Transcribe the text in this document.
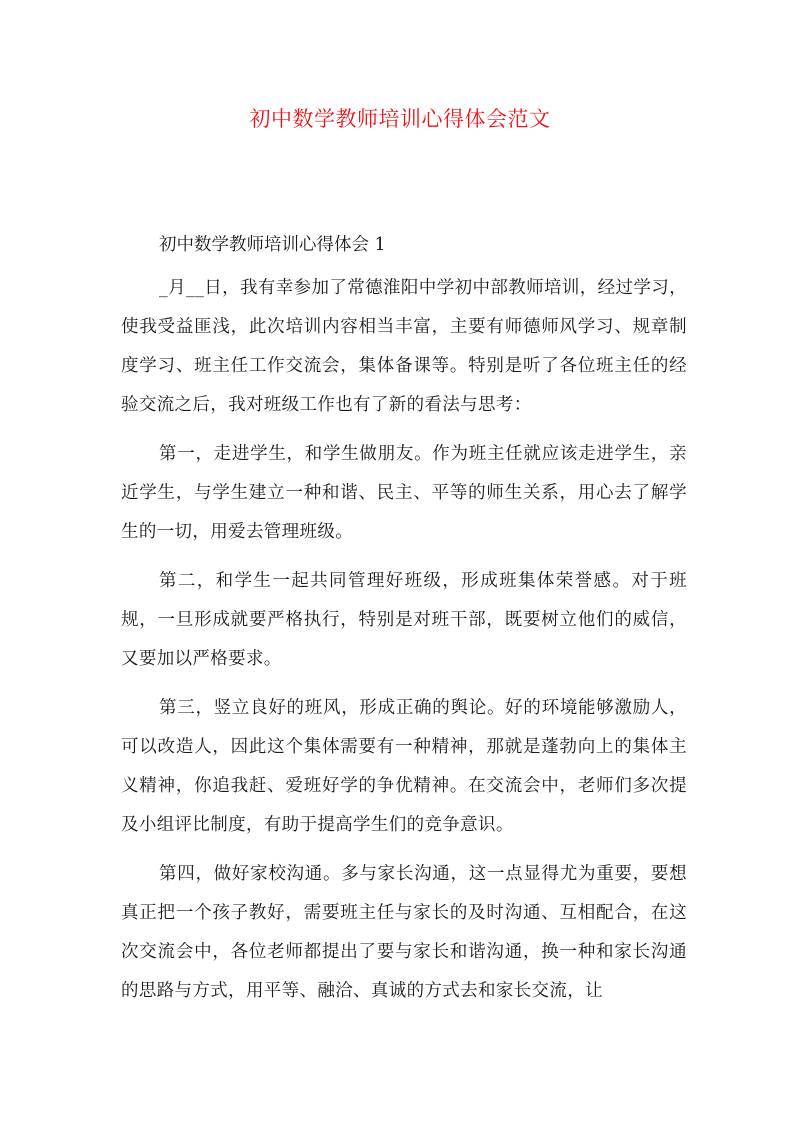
初中数学教师培训心得体会范文

初中数学教师培训心得体会 1

_月__日，我有幸参加了常德淮阳中学初中部教师培训，经过学习，使我受益匪浅，此次培训内容相当丰富，主要有师德师风学习、规章制度学习、班主任工作交流会，集体备课等。特别是听了各位班主任的经验交流之后，我对班级工作也有了新的看法与思考：

第一，走进学生，和学生做朋友。作为班主任就应该走进学生，亲近学生，与学生建立一种和谐、民主、平等的师生关系，用心去了解学生的一切，用爱去管理班级。

第二，和学生一起共同管理好班级，形成班集体荣誉感。对于班规，一旦形成就要严格执行，特别是对班干部，既要树立他们的威信，又要加以严格要求。

第三，竖立良好的班风，形成正确的舆论。好的环境能够激励人，可以改造人，因此这个集体需要有一种精神，那就是蓬勃向上的集体主义精神，你追我赶、爱班好学的争优精神。在交流会中，老师们多次提及小组评比制度，有助于提高学生们的竞争意识。

第四，做好家校沟通。多与家长沟通，这一点显得尤为重要，要想真正把一个孩子教好，需要班主任与家长的及时沟通、互相配合，在这次交流会中，各位老师都提出了要与家长和谐沟通，换一种和家长沟通的思路与方式，用平等、融洽、真诚的方式去和家长交流，让
